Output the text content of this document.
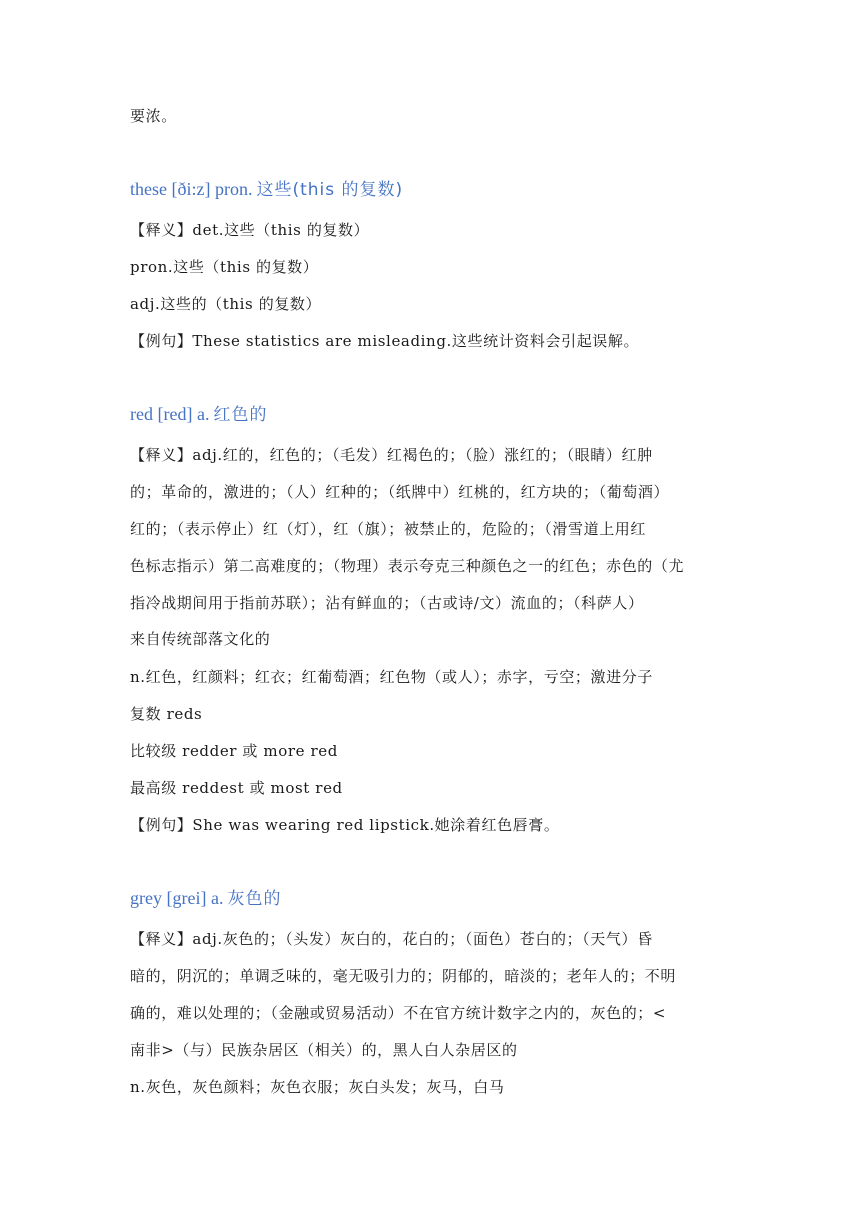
要浓。
these [ði:z] pron. 这些(this 的复数)
【释义】det.这些（this 的复数）
pron.这些（this 的复数）
adj.这些的（this 的复数）
【例句】These statistics are misleading.这些统计资料会引起误解。
red [red] a. 红色的
【释义】adj.红的，红色的；（毛发）红褐色的；（脸）涨红的；（眼睛）红肿
的；革命的，激进的；（人）红种的；（纸牌中）红桃的，红方块的；（葡萄酒）
红的；（表示停止）红（灯），红（旗）；被禁止的，危险的；（滑雪道上用红
色标志指示）第二高难度的；（物理）表示夸克三种颜色之一的红色；赤色的（尤
指冷战期间用于指前苏联）；沾有鲜血的；（古或诗/文）流血的；（科萨人）
来自传统部落文化的
n.红色，红颜料；红衣；红葡萄酒；红色物（或人）；赤字，亏空；激进分子
复数 reds
比较级 redder 或 more red
最高级 reddest 或 most red
【例句】She was wearing red lipstick.她涂着红色唇膏。
grey [grei] a. 灰色的
【释义】adj.灰色的；（头发）灰白的，花白的；（面色）苍白的；（天气）昏
暗的，阴沉的；单调乏味的，毫无吸引力的；阴郁的，暗淡的；老年人的；不明
确的，难以处理的；（金融或贸易活动）不在官方统计数字之内的，灰色的；<
南非>（与）民族杂居区（相关）的，黑人白人杂居区的
n.灰色，灰色颜料；灰色衣服；灰白头发；灰马，白马
